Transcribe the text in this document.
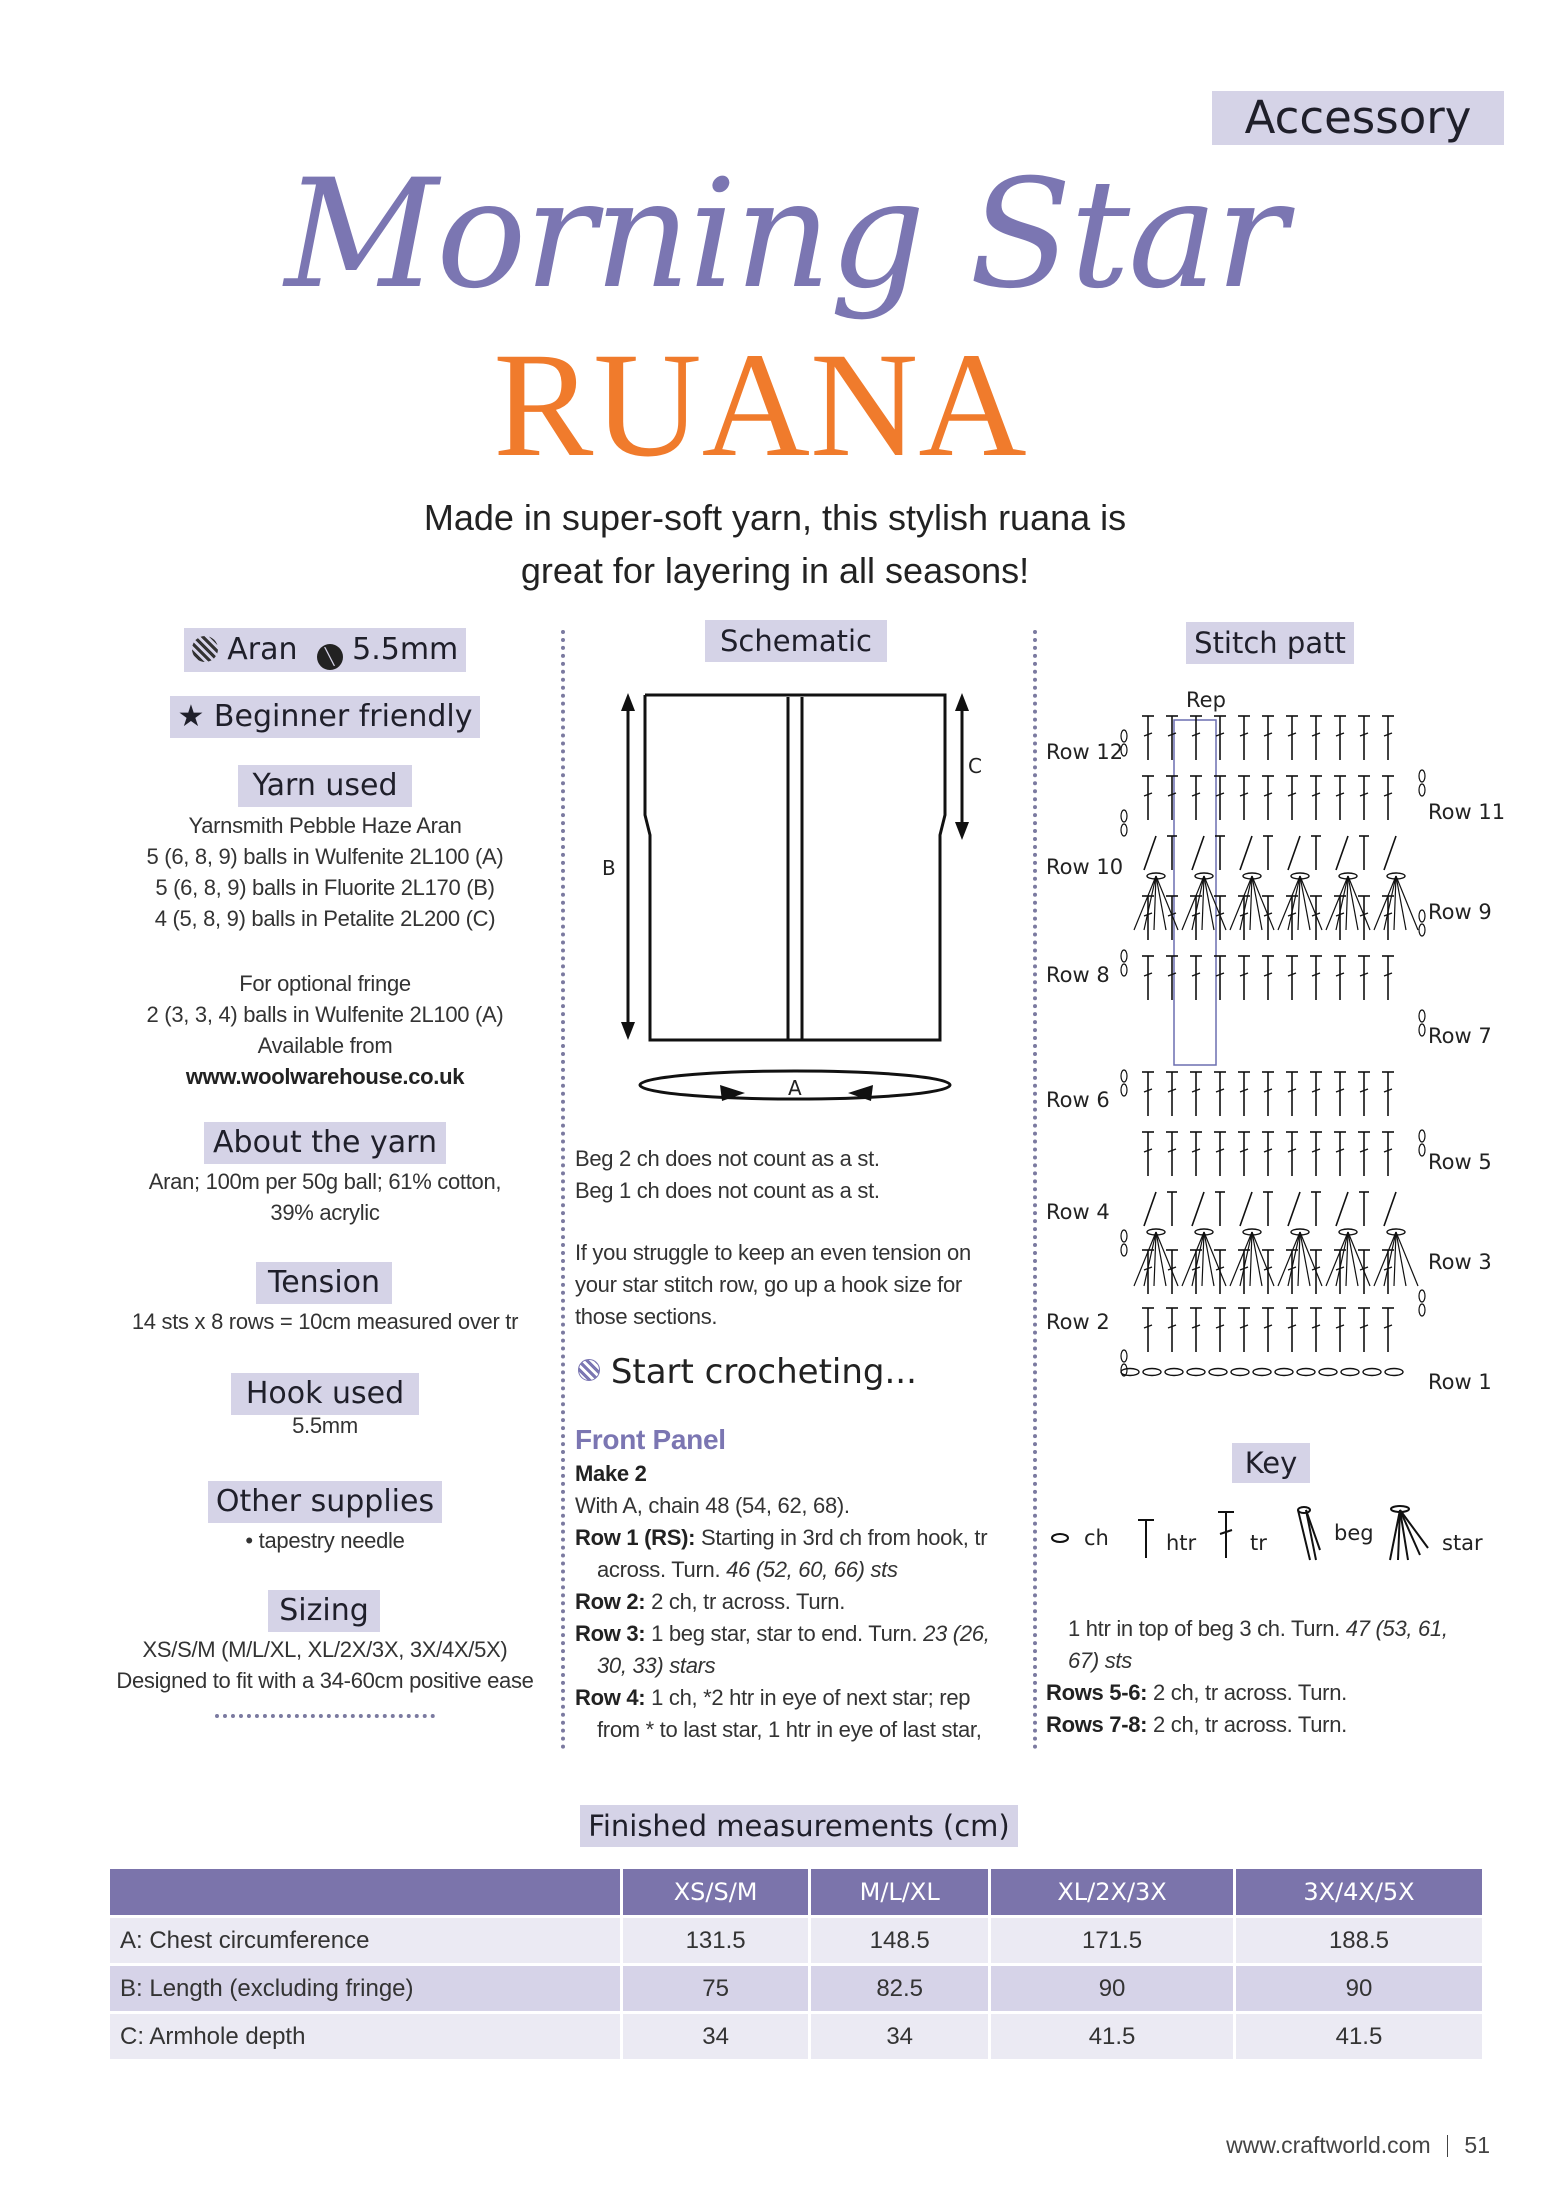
Accessory
Morning Star
RUANA
Made in super-soft yarn, this stylish ruana is
great for layering in all seasons!
Aran ╲ 5.5mm
★ Beginner friendly
Yarn used
Yarnsmith Pebble Haze Aran
5 (6, 8, 9) balls in Wulfenite 2L100 (A)
5 (6, 8, 9) balls in Fluorite 2L170 (B)
4 (5, 8, 9) balls in Petalite 2L200 (C)
For optional fringe
2 (3, 3, 4) balls in Wulfenite 2L100 (A)
Available from
www.woolwarehouse.co.uk
About the yarn
Aran; 100m per 50g ball; 61% cotton,
39% acrylic
Tension
14 sts x 8 rows = 10cm measured over tr
Hook used
5.5mm
Other supplies
• tapestry needle
Sizing
XS/S/M (M/L/XL, XL/2X/3X, 3X/4X/5X)
Designed to fit with a 34-60cm positive ease
Schematic
B
C
A
Beg 2 ch does not count as a st.
Beg 1 ch does not count as a st.
If you struggle to keep an even tension on
your star stitch row, go up a hook size for
those sections.
Start crocheting...
Front Panel
Make 2
With A, chain 48 (54, 62, 68).
Row 1 (RS): Starting in 3rd ch from hook, tr
across. Turn. 46 (52, 60, 66) sts
Row 2: 2 ch, tr across. Turn.
Row 3: 1 beg star, star to end. Turn. 23 (26,
30, 33) stars
Row 4: 1 ch, *2 htr in eye of next star; rep
from * to last star, 1 htr in eye of last star,
Stitch patt
Rep
Row 12
Row 10
Row 8
Row 6
Row 4
Row 2
Row 11
Row 9
Row 7
Row 5
Row 3
Row 1
Key
ch	htr	tr	beg	star
1 htr in top of beg 3 ch. Turn. 47 (53, 61,
67) sts
Rows 5-6: 2 ch, tr across. Turn.
Rows 7-8: 2 ch, tr across. Turn.
Finished measurements (cm)
	XS/S/M	M/L/XL	XL/2X/3X	3X/4X/5X
A: Chest circumference	131.5	148.5	171.5	188.5
B: Length (excluding fringe)	75	82.5	90	90
C: Armhole depth	34	34	41.5	41.5
www.craftworld.com 51
